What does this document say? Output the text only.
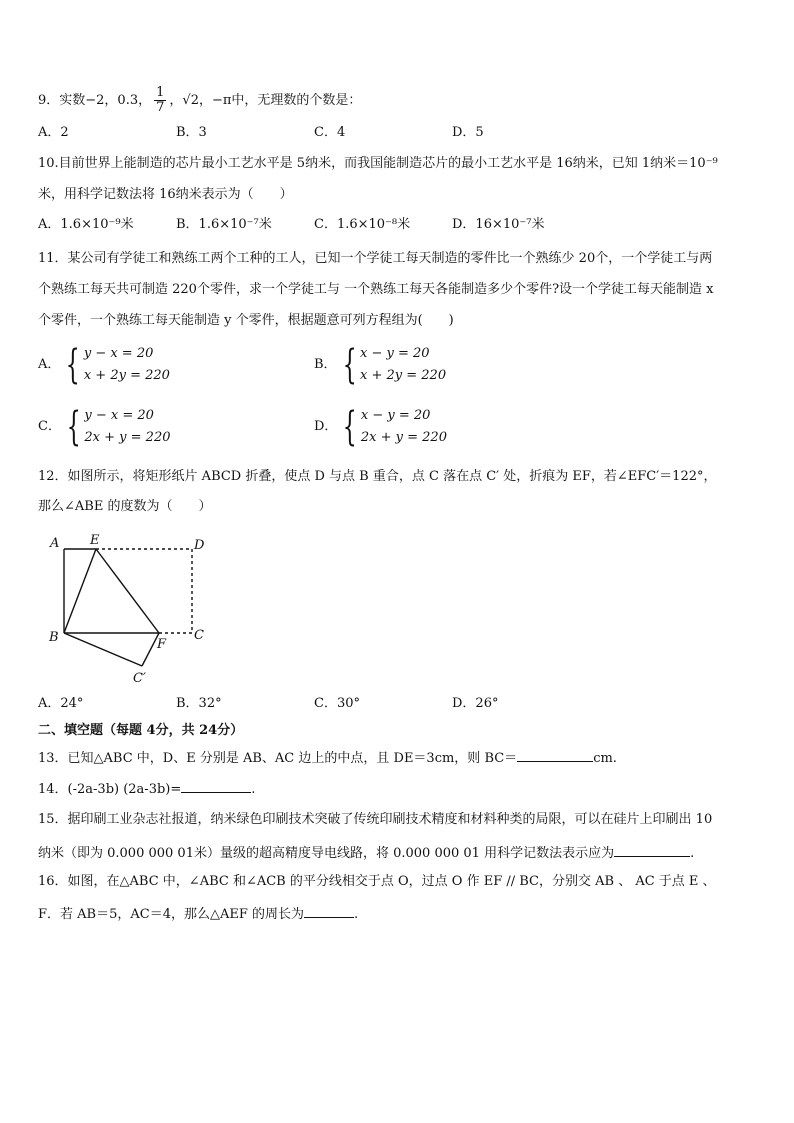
9．实数−2，0.3， $\frac{1}{7}$ ，√2，−π中，无理数的个数是：
A．2	B．3	C．4	D．5
10.目前世界上能制造的芯片最小工艺水平是 5纳米，而我国能制造芯片的最小工艺水平是 16纳米，已知 1纳米＝10⁻⁹
米，用科学记数法将 16纳米表示为（　　）
A．1.6×10⁻⁹米	B．1.6×10⁻⁷米	C．1.6×10⁻⁸米	D．16×10⁻⁷米
11．某公司有学徒工和熟练工两个工种的工人，已知一个学徒工每天制造的零件比一个熟练少 20个，一个学徒工与两
个熟练工每天共可制造 220个零件，求一个学徒工与 一个熟练工每天各能制造多少个零件?设一个学徒工每天能制造 x
个零件，一个熟练工每天能制造 y 个零件，根据题意可列方程组为(　　)
A． { y − x = 20
x + 2y = 220
B． { x − y = 20
x + 2y = 220
C． { y − x = 20
2x + y = 220
D． { x − y = 20
2x + y = 220
12．如图所示，将矩形纸片 ABCD 折叠，使点 D 与点 B 重合，点 C 落在点 C′ 处，折痕为 EF，若∠EFC′＝122°，
那么∠ABE 的度数为（　　）
A E	D
B	F
C
C′
A．24°	B．32°	C．30°	D．26°
二、填空题（每题 4分，共 24分）
13．已知△ABC 中，D、E 分别是 AB、AC 边上的中点，且 DE＝3cm，则 BC＝	cm.
14．(-2a-3b) (2a-3b)=	.
15．据印刷工业杂志社报道，纳米绿色印刷技术突破了传统印刷技术精度和材料种类的局限，可以在硅片上印刷出 10
纳米（即为 0.000 000 01米）量级的超高精度导电线路，将 0.000 000 01 用科学记数法表示应为	.
16．如图，在△ABC 中，∠ABC 和∠ACB 的平分线相交于点 O，过点 O 作 EF // BC，分别交 AB 、 AC 于点 E 、
F．若 AB＝5，AC＝4，那么△AEF 的周长为	.
